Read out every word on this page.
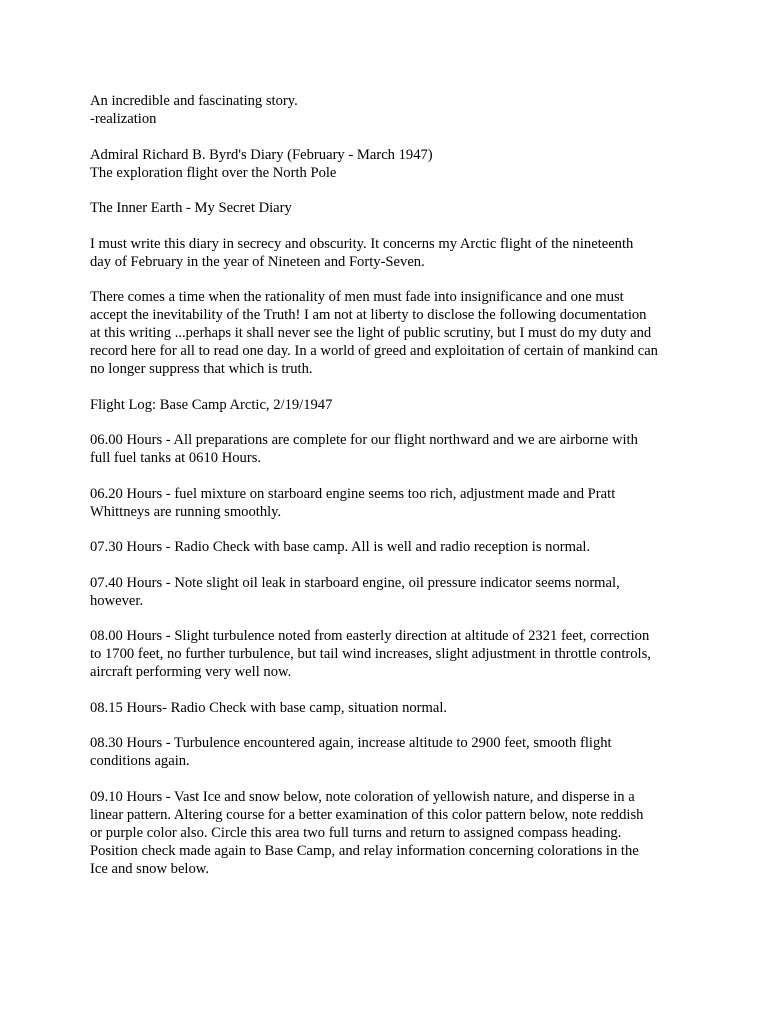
An incredible and fascinating story.
-realization

Admiral Richard B. Byrd's Diary (February - March 1947)
The exploration flight over the North Pole

The Inner Earth - My Secret Diary

I must write this diary in secrecy and obscurity. It concerns my Arctic flight of the nineteenth
day of February in the year of Nineteen and Forty-Seven.

There comes a time when the rationality of men must fade into insignificance and one must
accept the inevitability of the Truth! I am not at liberty to disclose the following documentation
at this writing ...perhaps it shall never see the light of public scrutiny, but I must do my duty and
record here for all to read one day. In a world of greed and exploitation of certain of mankind can
no longer suppress that which is truth.

Flight Log: Base Camp Arctic, 2/19/1947

06.00 Hours - All preparations are complete for our flight northward and we are airborne with
full fuel tanks at 0610 Hours.

06.20 Hours - fuel mixture on starboard engine seems too rich, adjustment made and Pratt
Whittneys are running smoothly.

07.30 Hours - Radio Check with base camp. All is well and radio reception is normal.

07.40 Hours - Note slight oil leak in starboard engine, oil pressure indicator seems normal,
however.

08.00 Hours - Slight turbulence noted from easterly direction at altitude of 2321 feet, correction
to 1700 feet, no further turbulence, but tail wind increases, slight adjustment in throttle controls,
aircraft performing very well now.

08.15 Hours- Radio Check with base camp, situation normal.

08.30 Hours - Turbulence encountered again, increase altitude to 2900 feet, smooth flight
conditions again.

09.10 Hours - Vast Ice and snow below, note coloration of yellowish nature, and disperse in a
linear pattern. Altering course for a better examination of this color pattern below, note reddish
or purple color also. Circle this area two full turns and return to assigned compass heading.
Position check made again to Base Camp, and relay information concerning colorations in the
Ice and snow below.
